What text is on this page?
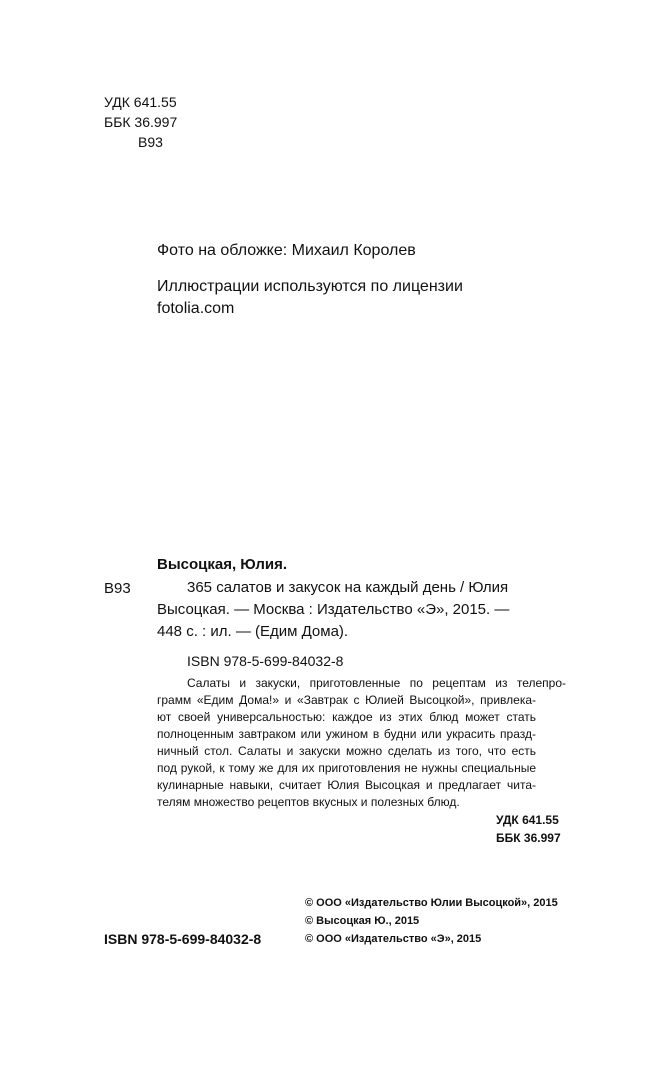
УДК 641.55
ББК 36.997
В93
Фото на обложке: Михаил Королев
Иллюстрации используются по лицензии
fotolia.com
Высоцкая, Юлия.
В93	365 салатов и закусок на каждый день / Юлия
Высоцкая. — Москва : Издательство «Э», 2015. —
448 с. : ил. — (Едим Дома).
ISBN 978-5-699-84032-8
Салаты и закуски, приготовленные по рецептам из телепро-
грамм «Едим Дома!» и «Завтрак с Юлией Высоцкой», привлека-
ют своей универсальностью: каждое из этих блюд может стать
полноценным завтраком или ужином в будни или украсить празд-
ничный стол. Салаты и закуски можно сделать из того, что есть
под рукой, к тому же для их приготовления не нужны специальные
кулинарные навыки, считает Юлия Высоцкая и предлагает чита-
телям множество рецептов вкусных и полезных блюд.
УДК 641.55
ББК 36.997
© ООО «Издательство Юлии Высоцкой», 2015
© Высоцкая Ю., 2015
© ООО «Издательство «Э», 2015
ISBN 978-5-699-84032-8
